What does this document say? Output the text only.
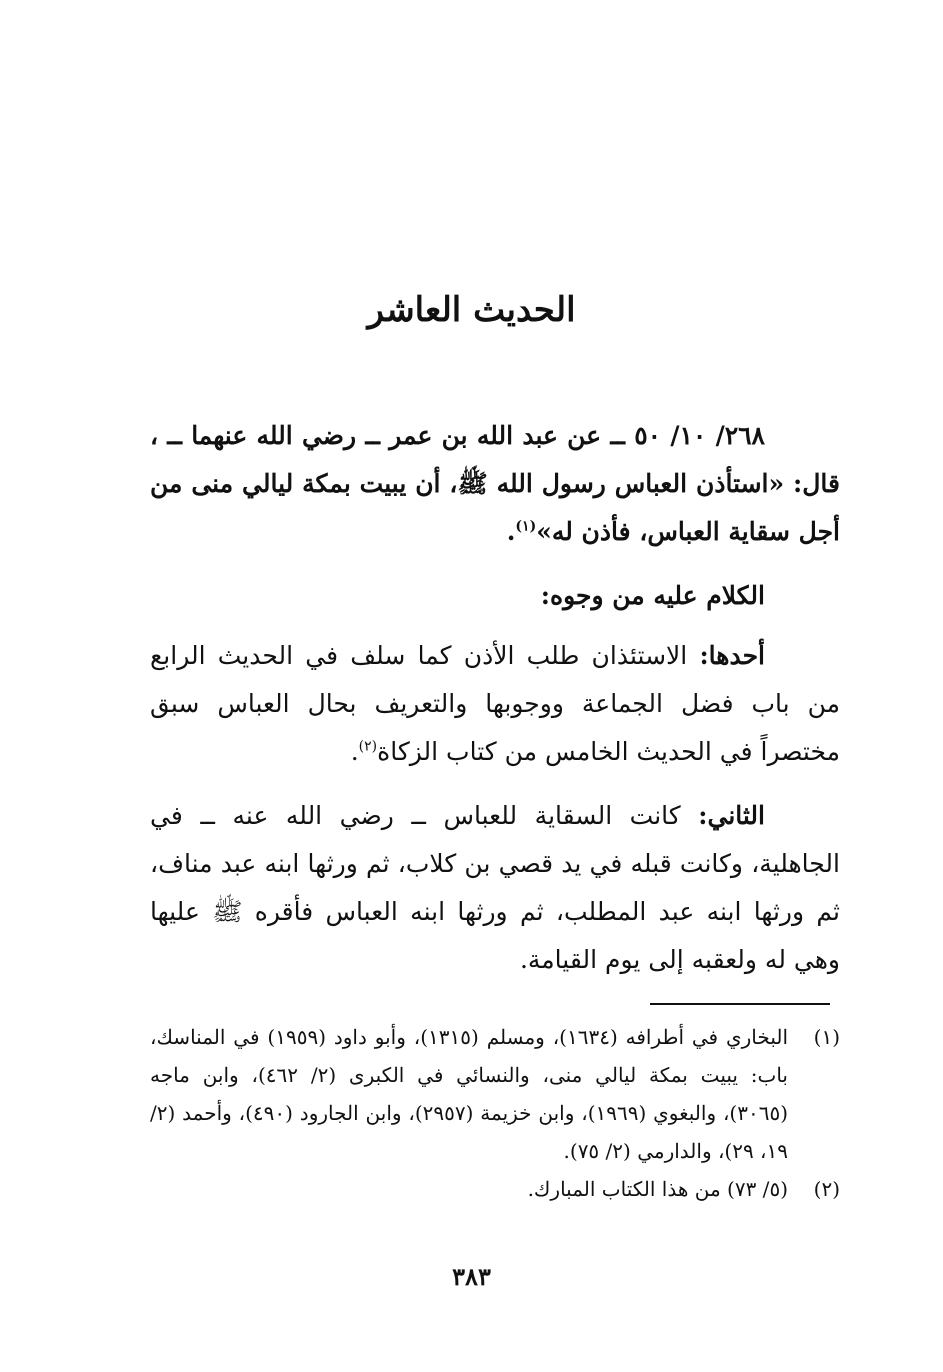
الحديث العاشر
٢٦٨/ ١٠/ ٥٠ ــ عن عبد الله بن عمر ــ رضي الله عنهما ــ ، قال: «استأذن العباس رسول الله ﷺ، أن يبيت بمكة ليالي منى من أجل سقاية العباس، فأذن له»$^{(١)}$.
الكلام عليه من وجوه:
أحدها: الاستئذان طلب الأذن كما سلف في الحديث الرابع من باب فضل الجماعة ووجوبها والتعريف بحال العباس سبق مختصراً في الحديث الخامس من كتاب الزكاة$^{(٢)}$.
الثاني: كانت السقاية للعباس ــ رضي الله عنه ــ في الجاهلية، وكانت قبله في يد قصي بن كلاب، ثم ورثها ابنه عبد مناف، ثم ورثها ابنه عبد المطلب، ثم ورثها ابنه العباس فأقره ﷺ عليها وهي له ولعقبه إلى يوم القيامة.
(١)
البخاري في أطرافه (١٦٣٤)، ومسلم (١٣١٥)، وأبو داود (١٩٥٩) في المناسك، باب: يبيت بمكة ليالي منى، والنسائي في الكبرى (٢/ ٤٦٢)، وابن ماجه (٣٠٦٥)، والبغوي (١٩٦٩)، وابن خزيمة (٢٩٥٧)، وابن الجارود (٤٩٠)، وأحمد (٢/ ١٩، ٢٩)، والدارمي (٢/ ٧٥).
(٢)
(٥/ ٧٣) من هذا الكتاب المبارك.
٣٨٣
